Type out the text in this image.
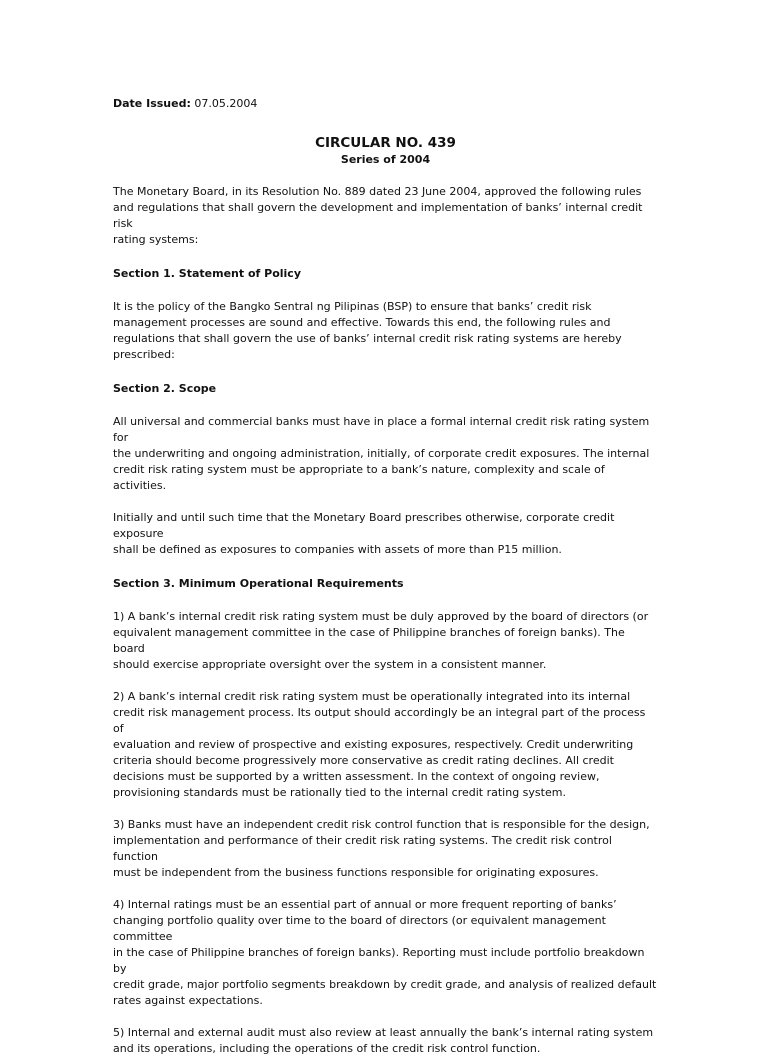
Date Issued: 07.05.2004

CIRCULAR NO. 439
Series of 2004

The Monetary Board, in its Resolution No. 889 dated 23 June 2004, approved the following rules
and regulations that shall govern the development and implementation of banks’ internal credit risk
rating systems:

Section 1. Statement of Policy

It is the policy of the Bangko Sentral ng Pilipinas (BSP) to ensure that banks’ credit risk
management processes are sound and effective. Towards this end, the following rules and
regulations that shall govern the use of banks’ internal credit risk rating systems are hereby
prescribed:

Section 2. Scope

All universal and commercial banks must have in place a formal internal credit risk rating system for
the underwriting and ongoing administration, initially, of corporate credit exposures. The internal
credit risk rating system must be appropriate to a bank’s nature, complexity and scale of activities.

Initially and until such time that the Monetary Board prescribes otherwise, corporate credit exposure
shall be defined as exposures to companies with assets of more than P15 million.

Section 3. Minimum Operational Requirements

1) A bank’s internal credit risk rating system must be duly approved by the board of directors (or
equivalent management committee in the case of Philippine branches of foreign banks). The board
should exercise appropriate oversight over the system in a consistent manner.

2) A bank’s internal credit risk rating system must be operationally integrated into its internal
credit risk management process. Its output should accordingly be an integral part of the process of
evaluation and review of prospective and existing exposures, respectively. Credit underwriting
criteria should become progressively more conservative as credit rating declines. All credit
decisions must be supported by a written assessment. In the context of ongoing review,
provisioning standards must be rationally tied to the internal credit rating system.

3) Banks must have an independent credit risk control function that is responsible for the design,
implementation and performance of their credit risk rating systems. The credit risk control function
must be independent from the business functions responsible for originating exposures.

4) Internal ratings must be an essential part of annual or more frequent reporting of banks’
changing portfolio quality over time to the board of directors (or equivalent management committee
in the case of Philippine branches of foreign banks). Reporting must include portfolio breakdown by
credit grade, major portfolio segments breakdown by credit grade, and analysis of realized default
rates against expectations.

5) Internal and external audit must also review at least annually the bank’s internal rating system
and its operations, including the operations of the credit risk control function.
